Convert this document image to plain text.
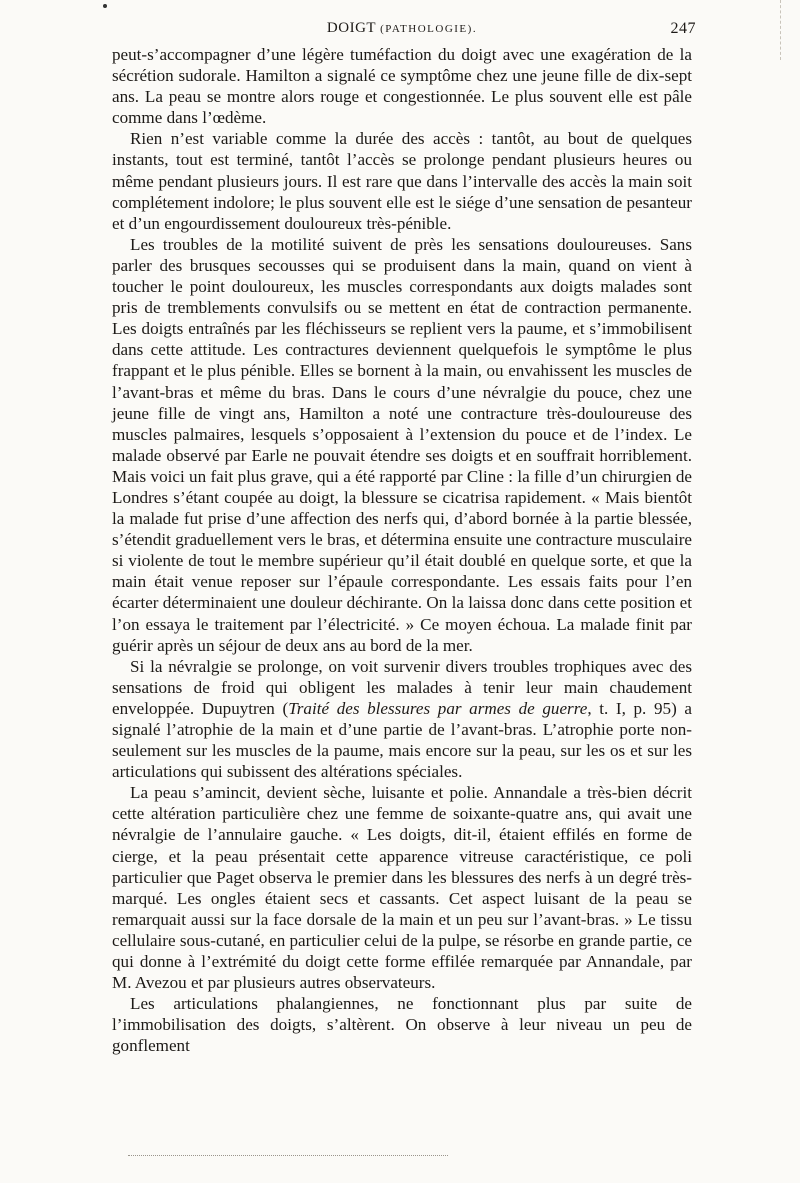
DOIGT (PATHOLOGIE).	247

peut-s’accompagner d’une légère tuméfaction du doigt avec une exagération de la sécrétion sudorale. Hamilton a signalé ce symptôme chez une jeune fille de dix-sept ans. La peau se montre alors rouge et congestionnée. Le plus souvent elle est pâle comme dans l’œdème.

Rien n’est variable comme la durée des accès : tantôt, au bout de quelques instants, tout est terminé, tantôt l’accès se prolonge pendant plusieurs heures ou même pendant plusieurs jours. Il est rare que dans l’intervalle des accès la main soit complétement indolore; le plus souvent elle est le siége d’une sensation de pesanteur et d’un engourdissement douloureux très-pénible.

Les troubles de la motilité suivent de près les sensations douloureuses. Sans parler des brusques secousses qui se produisent dans la main, quand on vient à toucher le point douloureux, les muscles correspondants aux doigts malades sont pris de tremblements convulsifs ou se mettent en état de contraction permanente. Les doigts entraînés par les fléchisseurs se replient vers la paume, et s’immobilisent dans cette attitude. Les contractures deviennent quelquefois le symptôme le plus frappant et le plus pénible. Elles se bornent à la main, ou envahissent les muscles de l’avant-bras et même du bras. Dans le cours d’une névralgie du pouce, chez une jeune fille de vingt ans, Hamilton a noté une contracture très-douloureuse des muscles palmaires, lesquels s’opposaient à l’extension du pouce et de l’index. Le malade observé par Earle ne pouvait étendre ses doigts et en souffrait horriblement. Mais voici un fait plus grave, qui a été rapporté par Cline : la fille d’un chirurgien de Londres s’étant coupée au doigt, la blessure se cicatrisa rapidement. « Mais bientôt la malade fut prise d’une affection des nerfs qui, d’abord bornée à la partie blessée, s’étendit graduellement vers le bras, et détermina ensuite une contracture musculaire si violente de tout le membre supérieur qu’il était doublé en quelque sorte, et que la main était venue reposer sur l’épaule correspondante. Les essais faits pour l’en écarter déterminaient une douleur déchirante. On la laissa donc dans cette position et l’on essaya le traitement par l’électricité. » Ce moyen échoua. La malade finit par guérir après un séjour de deux ans au bord de la mer.

Si la névralgie se prolonge, on voit survenir divers troubles trophiques avec des sensations de froid qui obligent les malades à tenir leur main chaudement enveloppée. Dupuytren (Traité des blessures par armes de guerre, t. I, p. 95) a signalé l’atrophie de la main et d’une partie de l’avant-bras. L’atrophie porte non-seulement sur les muscles de la paume, mais encore sur la peau, sur les os et sur les articulations qui subissent des altérations spéciales.

La peau s’amincit, devient sèche, luisante et polie. Annandale a très-bien décrit cette altération particulière chez une femme de soixante-quatre ans, qui avait une névralgie de l’annulaire gauche. « Les doigts, dit-il, étaient effilés en forme de cierge, et la peau présentait cette apparence vitreuse caractéristique, ce poli particulier que Paget observa le premier dans les blessures des nerfs à un degré très-marqué. Les ongles étaient secs et cassants. Cet aspect luisant de la peau se remarquait aussi sur la face dorsale de la main et un peu sur l’avant-bras. » Le tissu cellulaire sous-cutané, en particulier celui de la pulpe, se résorbe en grande partie, ce qui donne à l’extrémité du doigt cette forme effilée remarquée par Annandale, par M. Avezou et par plusieurs autres observateurs.

Les articulations phalangiennes, ne fonctionnant plus par suite de l’immobilisation des doigts, s’altèrent. On observe à leur niveau un peu de gonflement
